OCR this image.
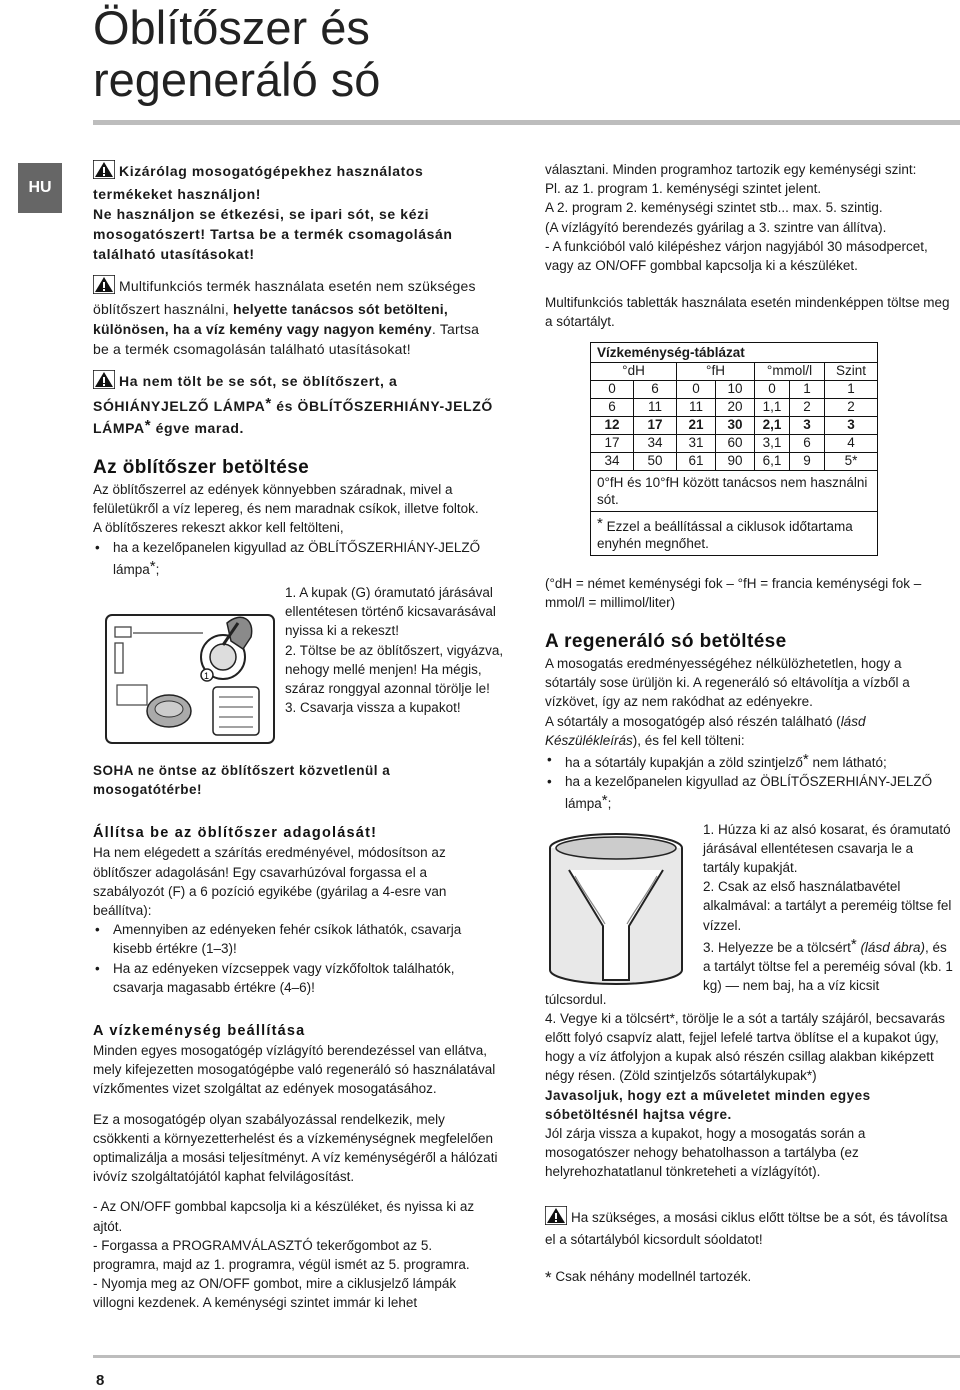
Öblítőszer és
regeneráló só
HU
Kizárólag mosogatógépekhez használatos termékeket használjon!
Ne használjon se étkezési, se ipari sót, se kézi mosogatószert! Tartsa be a termék csomagolásán található utasításokat!
Multifunkciós termék használata esetén nem szükséges öblítőszert használni, helyette tanácsos sót betölteni, különösen, ha a víz kemény vagy nagyon kemény. Tartsa be a termék csomagolásán található utasításokat!
Ha nem tölt be se sót, se öblítőszert, a SÓHIÁNYJELZŐ LÁMPA* és ÖBLÍTŐSZERHIÁNY-JELZŐ LÁMPA* égve marad.
Az öblítőszer betöltése

Az öblítőszerrel az edények könnyebben száradnak, mivel a felületükről a víz lepereg, és nem maradnak csíkok, illetve foltok.

A öblítőszeres rekeszt akkor kell feltölteni,

• ha a kezelőpanelen kigyullad az ÖBLÍTŐSZERHIÁNY-JELZŐ lámpa*;
1

1. A kupak (G) óramutató járásával ellentétesen történő kicsavarásával nyissa ki a rekeszt!

2. Töltse be az öblítőszert, vigyázva, nehogy mellé menjen! Ha mégis, száraz ronggyal azonnal törölje le!

3. Csavarja vissza a kupakot!

SOHA ne öntse az öblítőszert közvetlenül a mosogatótérbe!

Állítsa be az öblítőszer adagolását!

Ha nem elégedett a szárítás eredményével, módosítson az öblítőszer adagolásán! Egy csavarhúzóval forgassa el a szabályozót (F) a 6 pozíció egyikébe (gyárilag a 4-esre van beállítva):

• Amennyiben az edényeken fehér csíkok láthatók, csavarja kisebb értékre (1–3)!
• Ha az edényeken vízcseppek vagy vízkőfoltok találhatók, csavarja magasabb értékre (4–6)!
A vízkeménység beállítása

Minden egyes mosogatógép vízlágyító berendezéssel van ellátva, mely kifejezetten mosogatógépbe való regeneráló só használatával vízkőmentes vizet szolgáltat az edények mosogatásához.

Ez a mosogatógép olyan szabályozással rendelkezik, mely csökkenti a környezetterhelést és a vízkeménységnek megfelelően optimalizálja a mosási teljesítményt. A víz keménységéről a hálózati ivóvíz szolgáltatójától kaphat felvilágosítást.

- Az ON/OFF gombbal kapcsolja ki a készüléket, és nyissa ki az ajtót.

- Forgassa a PROGRAMVÁLASZTÓ tekerőgombot az 5. programra, majd az 1. programra, végül ismét az 5. programra.

- Nyomja meg az ON/OFF gombot, mire a ciklusjelző lámpák villogni kezdenek. A keménységi szintet immár ki lehet

választani. Minden programhoz tartozik egy keménységi szint:

Pl. az 1. program 1. keménységi szintet jelent.

A 2. program 2. keménységi szintet stb... max. 5. szintig.

(A vízlágyító berendezés gyárilag a 3. szintre van állítva).

- A funkcióból való kilépéshez várjon nagyjából 30 másodpercet, vagy az ON/OFF gombbal kapcsolja ki a készüléket.

Multifunkciós tabletták használata esetén mindenképpen töltse meg a sótartályt.

Vízkeménység-táblázat
°dH	°fH	°mmol/l	Szint
0	6	0	10	0	1	1
6	11	11	20	1,1	2	2
12	17	21	30	2,1	3	3
17	34	31	60	3,1	6	4
34	50	61	90	6,1	9	5*
0°fH és 10°fH között tanácsos nem használni sót.
* Ezzel a beállítással a ciklusok időtartama enyhén megnőhet.

(°dH = német keménységi fok – °fH = francia keménységi fok – mmol/l = millimol/liter)

A regeneráló só betöltése

A mosogatás eredményességéhez nélkülözhetetlen, hogy a sótartály sose ürüljön ki. A regeneráló só eltávolítja a vízből a vízkövet, így az nem rakódhat az edényekre.

A sótartály a mosogatógép alsó részén található (lásd Készülékleírás), és fel kell tölteni:

• ha a sótartály kupakján a zöld szintjelző* nem látható;
• ha a kezelőpanelen kigyullad az ÖBLÍTŐSZERHIÁNY-JELZŐ lámpa*;

1. Húzza ki az alsó kosarat, és óramutató járásával ellentétesen csavarja le a tartály kupakját.

2. Csak az első használatbavétel alkalmával: a tartályt a pereméig töltse fel vízzel.

3. Helyezze be a tölcsért* (lásd ábra), és a tartályt töltse fel a pereméig sóval (kb. 1 kg) — nem baj, ha a víz kicsit

túlcsordul.

4. Vegye ki a tölcsért*, törölje le a sót a tartály szájáról, becsavarás előtt folyó csapvíz alatt, fejjel lefelé tartva öblítse el a kupakot úgy, hogy a víz átfolyjon a kupak alsó részén csillag alakban kiképzett négy résen. (Zöld szintjelzős sótartálykupak*)

Javasoljuk, hogy ezt a műveletet minden egyes sóbetöltésnél hajtsa végre.

Jól zárja vissza a kupakot, hogy a mosogatás során a mosogatószer nehogy behatolhasson a tartályba (ez helyrehozhatatlanul tönkreteheti a vízlágyítót).

Ha szükséges, a mosási ciklus előtt töltse be a sót, és távolítsa el a sótartályból kicsordult sóoldatot!

* Csak néhány modellnél tartozék.

8
